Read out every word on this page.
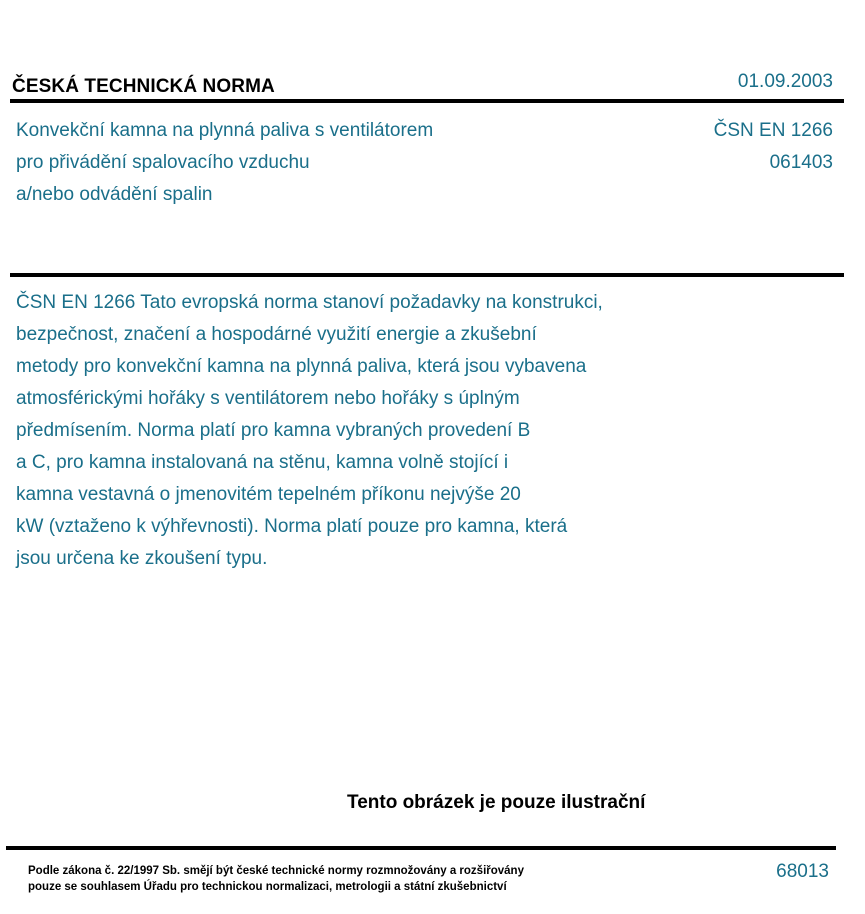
ČESKÁ TECHNICKÁ NORMA	01.09.2003
Konvekční kamna na plynná paliva s ventilátorem
pro přivádění spalovacího vzduchu
a/nebo odvádění spalin
ČSN EN 1266
061403
ČSN EN 1266 Tato evropská norma stanoví požadavky na konstrukci,
bezpečnost, značení a hospodárné využití energie a zkušební
metody pro konvekční kamna na plynná paliva, která jsou vybavena
atmosférickými hořáky s ventilátorem nebo hořáky s úplným
předmísením. Norma platí pro kamna vybraných provedení B
a C, pro kamna instalovaná na stěnu, kamna volně stojící i
kamna vestavná o jmenovitém tepelném příkonu nejvýše 20
kW (vztaženo k výhřevnosti). Norma platí pouze pro kamna, která
jsou určena ke zkoušení typu.
Tento obrázek je pouze ilustrační
Podle zákona č. 22/1997 Sb. smějí být české technické normy rozmnožovány a rozšiřovány
pouze se souhlasem Úřadu pro technickou normalizaci, metrologii a státní zkušebnictví
68013
